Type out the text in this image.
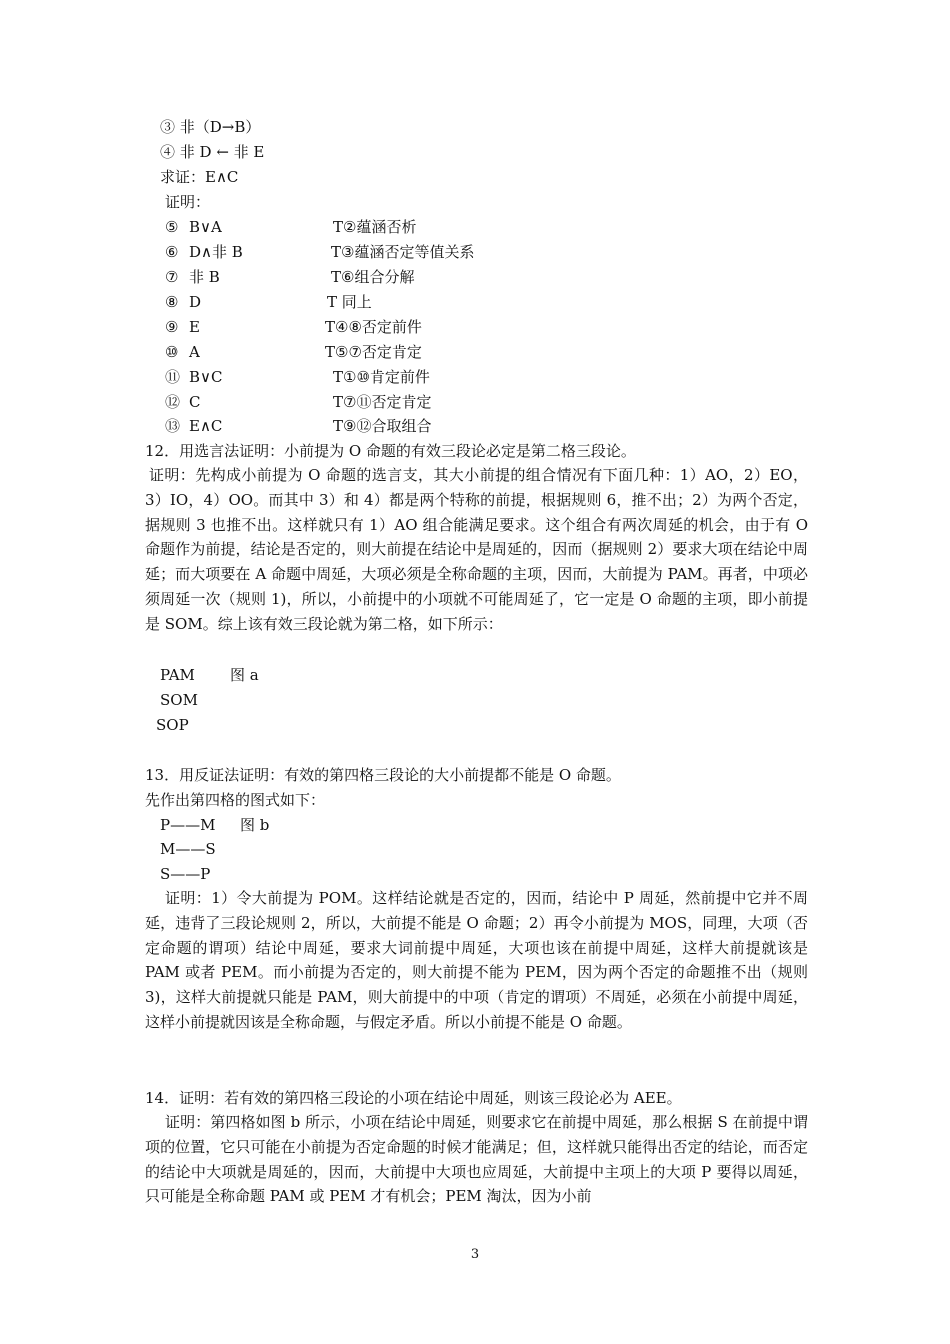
③ 非（D→B）
④ 非 D ← 非 E
求证：E∧C
证明：
⑤ B∨A	T②蕴涵否析
⑥ D∧非 B	T③蕴涵否定等值关系
⑦ 非 B	T⑥组合分解
⑧ D	T 同上
⑨ E	T④⑧否定前件
⑩ A	T⑤⑦否定肯定
⑪ B∨C	T①⑩肯定前件
⑫ C	T⑦⑪否定肯定
⑬ E∧C	T⑨⑫合取组合
12．用选言法证明：小前提为 O 命题的有效三段论必定是第二格三段论。
证明：先构成小前提为 O 命题的选言支，其大小前提的组合情况有下面几种：1）AO，2）EO，3）IO，4）OO。而其中 3）和 4）都是两个特称的前提，根据规则 6，推不出；2）为两个否定，据规则 3 也推不出。这样就只有 1）AO 组合能满足要求。这个组合有两次周延的机会，由于有 O 命题作为前提，结论是否定的，则大前提在结论中是周延的，因而（据规则 2）要求大项在结论中周延；而大项要在 A 命题中周延，大项必须是全称命题的主项，因而，大前提为 PAM。再者，中项必须周延一次（规则 1)，所以，小前提中的小项就不可能周延了，它一定是 O 命题的主项，即小前提是 SOM。综上该有效三段论就为第二格，如下所示：
PAM 图 a
SOM
SOP
13．用反证法证明：有效的第四格三段论的大小前提都不能是 O 命题。
先作出第四格的图式如下：
P——M 图 b
M——S
S——P
证明：1）令大前提为 POM。这样结论就是否定的，因而，结论中 P 周延，然前提中它并不周延，违背了三段论规则 2，所以，大前提不能是 O 命题；2）再令小前提为 MOS，同理，大项（否定命题的谓项）结论中周延，要求大词前提中周延，大项也该在前提中周延，这样大前提就该是 PAM 或者 PEM。而小前提为否定的，则大前提不能为 PEM，因为两个否定的命题推不出（规则 3)，这样大前提就只能是 PAM，则大前提中的中项（肯定的谓项）不周延，必须在小前提中周延，这样小前提就因该是全称命题，与假定矛盾。所以小前提不能是 O 命题。
14．证明：若有效的第四格三段论的小项在结论中周延，则该三段论必为 AEE。
证明：第四格如图 b 所示，小项在结论中周延，则要求它在前提中周延，那么根据 S 在前提中谓项的位置，它只可能在小前提为否定命题的时候才能满足；但，这样就只能得出否定的结论，而否定的结论中大项就是周延的，因而，大前提中大项也应周延，大前提中主项上的大项 P 要得以周延，只可能是全称命题 PAM 或 PEM 才有机会；PEM 淘汰，因为小前
3
